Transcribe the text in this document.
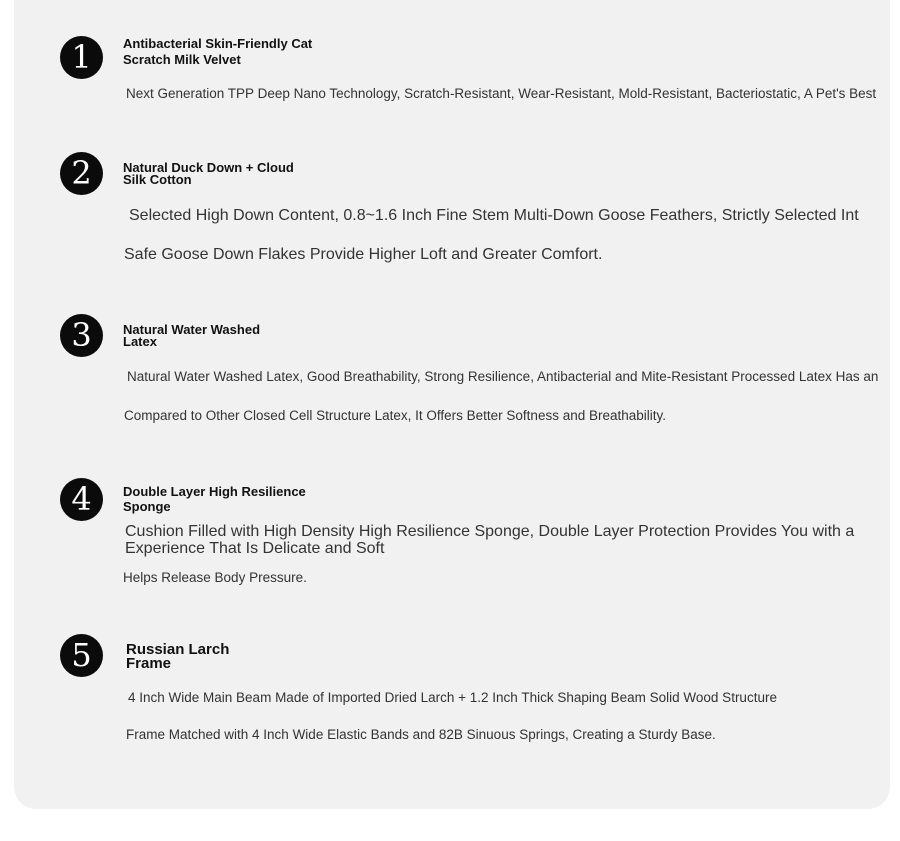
1	Antibacterial Skin-Friendly Cat
Scratch Milk Velvet
Next Generation TPP Deep Nano Technology, Scratch-Resistant, Wear-Resistant, Mold-Resistant, Bacteriostatic, A Pet's Best
2	Natural Duck Down + Cloud
Silk Cotton
Selected High Down Content, 0.8~1.6 Inch Fine Stem Multi-Down Goose Feathers, Strictly Selected Int
Safe Goose Down Flakes Provide Higher Loft and Greater Comfort.
3	Natural Water Washed
Latex
Natural Water Washed Latex, Good Breathability, Strong Resilience, Antibacterial and Mite-Resistant Processed Latex Has an
Compared to Other Closed Cell Structure Latex, It Offers Better Softness and Breathability.
4	Double Layer High Resilience
Sponge
Cushion Filled with High Density High Resilience Sponge, Double Layer Protection Provides You with a
Experience That Is Delicate and Soft
Helps Release Body Pressure.
5	Russian Larch
Frame
4 Inch Wide Main Beam Made of Imported Dried Larch + 1.2 Inch Thick Shaping Beam Solid Wood Structure
Frame Matched with 4 Inch Wide Elastic Bands and 82B Sinuous Springs, Creating a Sturdy Base.
